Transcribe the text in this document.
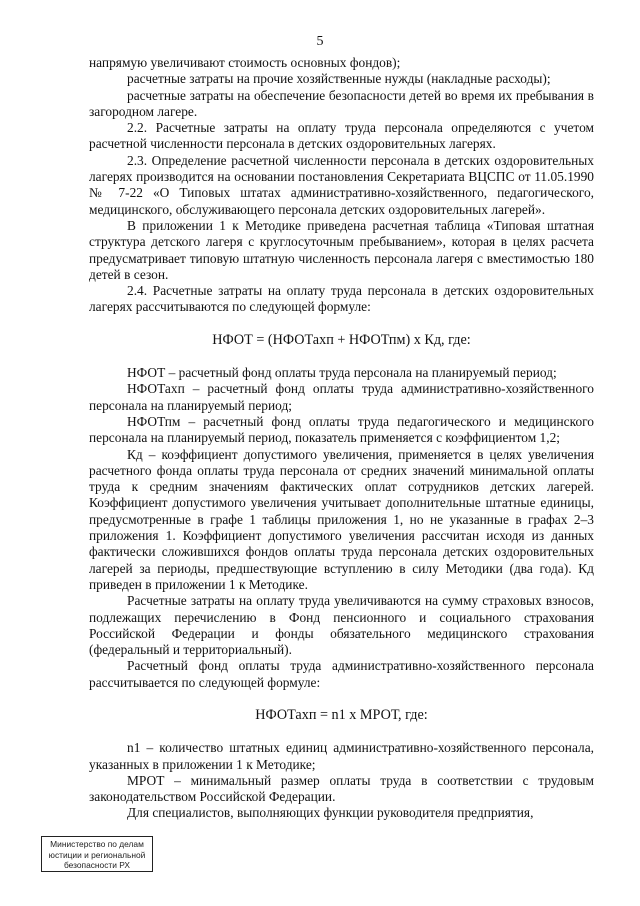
5

напрямую увеличивают стоимость основных фондов);

расчетные затраты на прочие хозяйственные нужды (накладные расходы);

расчетные затраты на обеспечение безопасности детей во время их пребывания в загородном лагере.

2.2. Расчетные затраты на оплату труда персонала определяются с учетом расчетной численности персонала в детских оздоровительных лагерях.

2.3. Определение расчетной численности персонала в детских оздоровительных лагерях производится на основании постановления Секретариата ВЦСПС от 11.05.1990 № 7-22 «О Типовых штатах административно-хозяйственного, педагогического, медицинского, обслуживающего персонала детских оздоровительных лагерей».

В приложении 1 к Методике приведена расчетная таблица «Типовая штатная структура детского лагеря с круглосуточным пребыванием», которая в целях расчета предусматривает типовую штатную численность персонала лагеря с вместимостью 180 детей в сезон.

2.4. Расчетные затраты на оплату труда персонала в детских оздоровительных лагерях рассчитываются по следующей формуле:

НФОТ = (НФОТахп + НФОТпм) х Кд, где:

НФОТ – расчетный фонд оплаты труда персонала на планируемый период;

НФОТахп – расчетный фонд оплаты труда административно-хозяйственного персонала на планируемый период;

НФОТпм – расчетный фонд оплаты труда педагогического и медицинского персонала на планируемый период, показатель применяется с коэффициентом 1,2;

Кд – коэффициент допустимого увеличения, применяется в целях увеличения расчетного фонда оплаты труда персонала от средних значений минимальной оплаты труда к средним значениям фактических оплат сотрудников детских лагерей. Коэффициент допустимого увеличения учитывает дополнительные штатные единицы, предусмотренные в графе 1 таблицы приложения 1, но не указанные в графах 2–3 приложения 1. Коэффициент допустимого увеличения рассчитан исходя из данных фактически сложившихся фондов оплаты труда персонала детских оздоровительных лагерей за периоды, предшествующие вступлению в силу Методики (два года). Кд приведен в приложении 1 к Методике.

Расчетные затраты на оплату труда увеличиваются на сумму страховых взносов, подлежащих перечислению в Фонд пенсионного и социального страхования Российской Федерации и фонды обязательного медицинского страхования (федеральный и территориальный).

Расчетный фонд оплаты труда административно-хозяйственного персонала рассчитывается по следующей формуле:

НФОТахп = n1 х МРОТ, где:

n1 – количество штатных единиц административно-хозяйственного персонала, указанных в приложении 1 к Методике;

МРОТ – минимальный размер оплаты труда в соответствии с трудовым законодательством Российской Федерации.

Для специалистов, выполняющих функции руководителя предприятия,

Министерство по делам
юстиции и региональной
безопасности РХ
